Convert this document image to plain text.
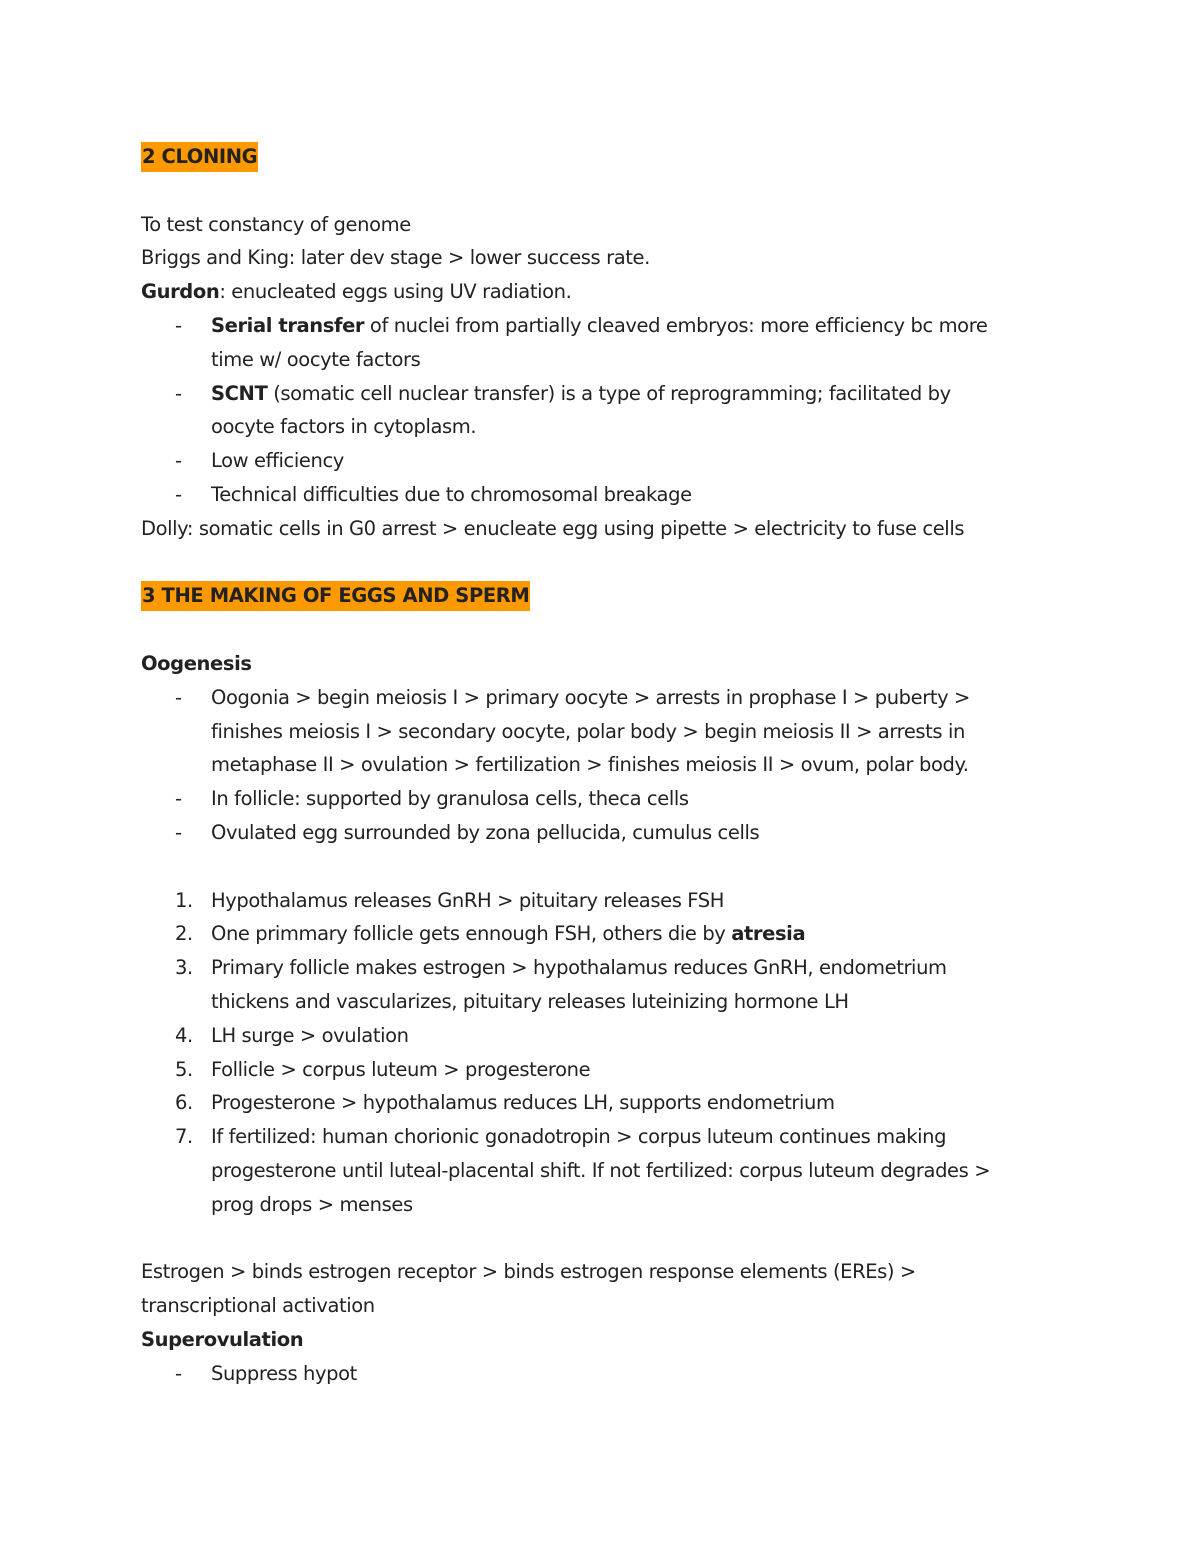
2 CLONING
To test constancy of genome
Briggs and King: later dev stage > lower success rate.
Gurdon: enucleated eggs using UV radiation.
- Serial transfer of nuclei from partially cleaved embryos: more efficiency bc more
time w/ oocyte factors
- SCNT (somatic cell nuclear transfer) is a type of reprogramming; facilitated by
oocyte factors in cytoplasm.
- Low efficiency
- Technical difficulties due to chromosomal breakage
Dolly: somatic cells in G0 arrest > enucleate egg using pipette > electricity to fuse cells
3 THE MAKING OF EGGS AND SPERM
Oogenesis
- Oogonia > begin meiosis I > primary oocyte > arrests in prophase I > puberty >
finishes meiosis I > secondary oocyte, polar body > begin meiosis II > arrests in
metaphase II > ovulation > fertilization > finishes meiosis II > ovum, polar body.
- In follicle: supported by granulosa cells, theca cells
- Ovulated egg surrounded by zona pellucida, cumulus cells
1. Hypothalamus releases GnRH > pituitary releases FSH
2. One primmary follicle gets ennough FSH, others die by atresia
3. Primary follicle makes estrogen > hypothalamus reduces GnRH, endometrium
thickens and vascularizes, pituitary releases luteinizing hormone LH
4. LH surge > ovulation
5. Follicle > corpus luteum > progesterone
6. Progesterone > hypothalamus reduces LH, supports endometrium
7. If fertilized: human chorionic gonadotropin > corpus luteum continues making
progesterone until luteal-placental shift. If not fertilized: corpus luteum degrades >
prog drops > menses
Estrogen > binds estrogen receptor > binds estrogen response elements (EREs) >
transcriptional activation
Superovulation
- Suppress hypot
